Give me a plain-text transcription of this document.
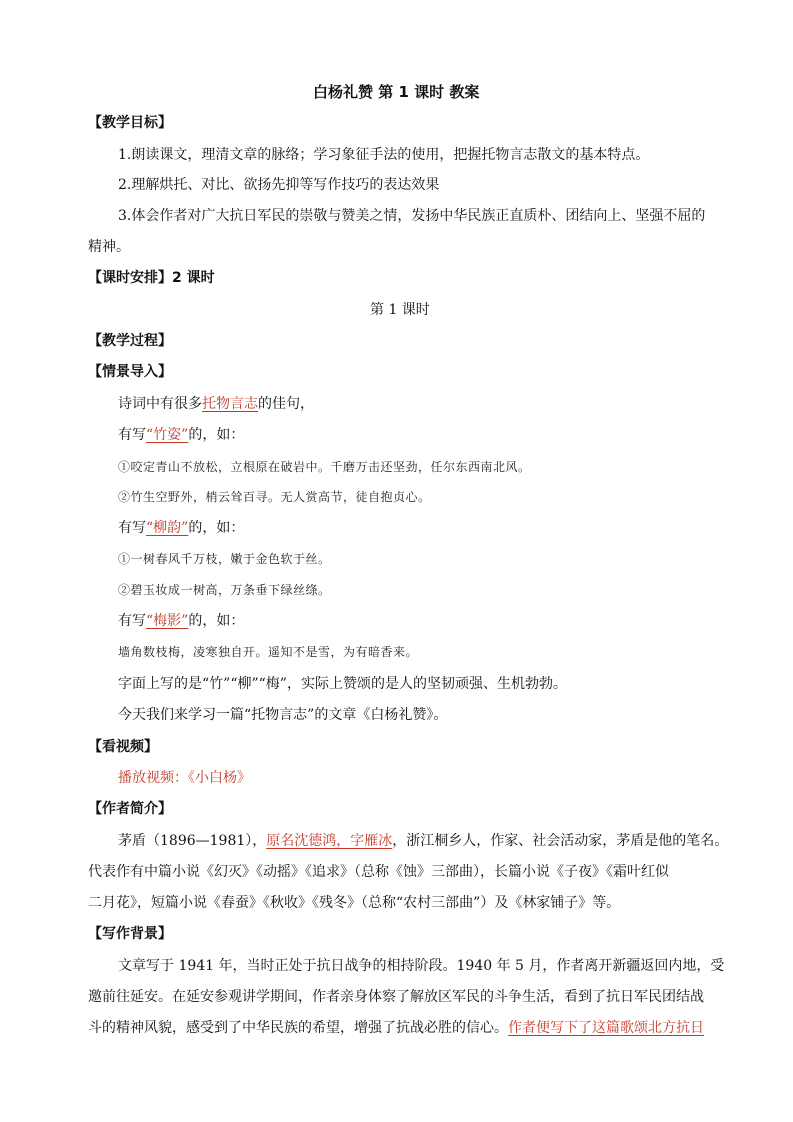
白杨礼赞 第 1 课时 教案
【教学目标】
1.朗读课文，理清文章的脉络；学习象征手法的使用，把握托物言志散文的基本特点。
2.理解烘托、对比、欲扬先抑等写作技巧的表达效果
3.体会作者对广大抗日军民的崇敬与赞美之情，发扬中华民族正直质朴、团结向上、坚强不屈的
精神。
【课时安排】2 课时
第 1 课时
【教学过程】
【情景导入】
诗词中有很多托物言志的佳句，
有写“竹姿”的，如：
①咬定青山不放松，立根原在破岩中。千磨万击还坚劲，任尔东西南北风。
②竹生空野外，梢云耸百寻。无人赏高节，徒自抱贞心。
有写“柳韵”的，如：
①一树春风千万枝，嫩于金色软于丝。
②碧玉妆成一树高，万条垂下绿丝绦。
有写“梅影”的，如：
墙角数枝梅，凌寒独自开。遥知不是雪，为有暗香来。
字面上写的是“竹”“柳”“梅”，实际上赞颂的是人的坚韧顽强、生机勃勃。
今天我们来学习一篇“托物言志”的文章《白杨礼赞》。
【看视频】
播放视频：《小白杨》
【作者简介】
茅盾（1896—1981），原名沈德鸿，字雁冰，浙江桐乡人，作家、社会活动家，茅盾是他的笔名。
代表作有中篇小说《幻灭》《动摇》《追求》（总称《蚀》三部曲），长篇小说《子夜》《霜叶红似
二月花》，短篇小说《春蚕》《秋收》《残冬》（总称“农村三部曲”）及《林家铺子》等。
【写作背景】
文章写于 1941 年，当时正处于抗日战争的相持阶段。1940 年 5 月，作者离开新疆返回内地，受
邀前往延安。在延安参观讲学期间，作者亲身体察了解放区军民的斗争生活，看到了抗日军民团结战
斗的精神风貌，感受到了中华民族的希望，增强了抗战必胜的信心。作者便写下了这篇歌颂北方抗日
